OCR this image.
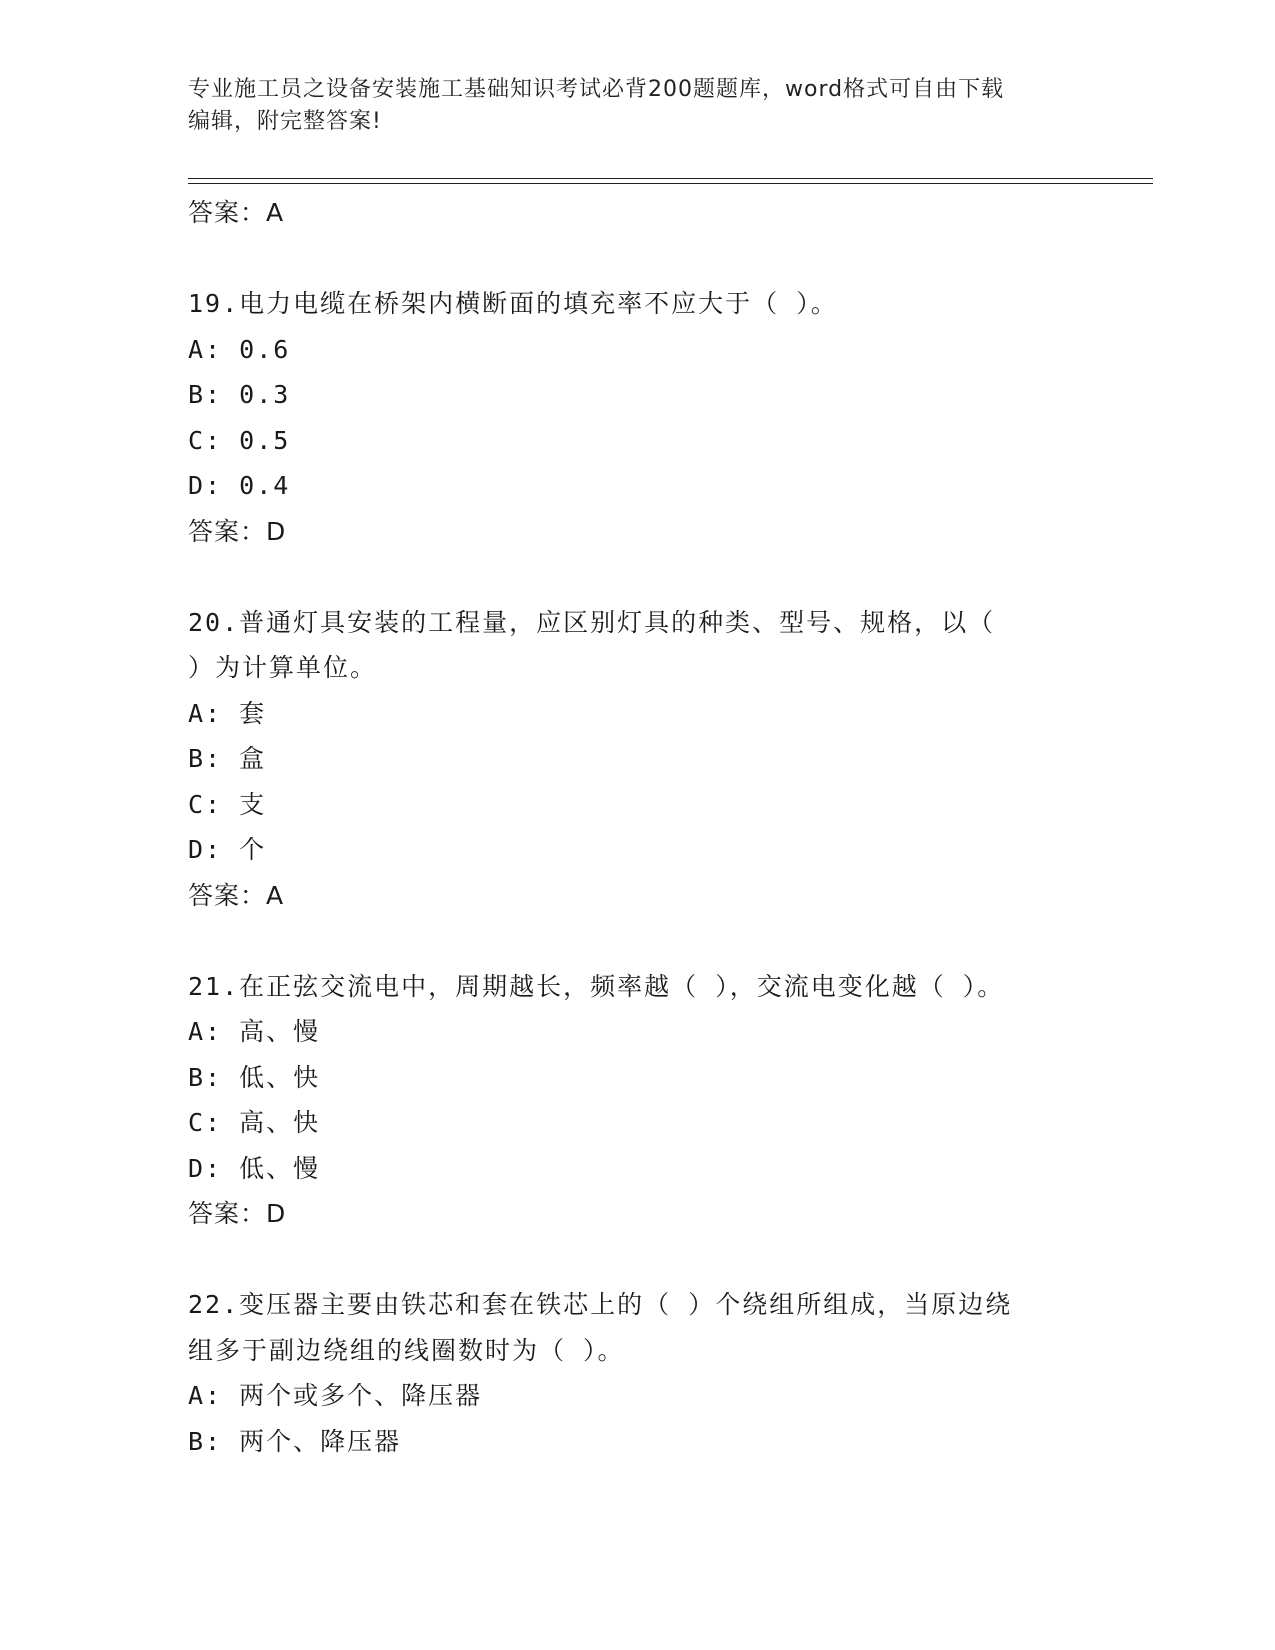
专业施工员之设备安装施工基础知识考试必背200题题库，word格式可自由下载
编辑，附完整答案!
答案：A
19.电力电缆在桥架内横断面的填充率不应大于（ ）。
A: 0.6
B: 0.3
C: 0.5
D: 0.4
答案：D
20.普通灯具安装的工程量，应区别灯具的种类、型号、规格，以（
）为计算单位。
A: 套
B: 盒
C: 支
D: 个
答案：A
21.在正弦交流电中，周期越长，频率越（ ），交流电变化越（ ）。
A: 高、慢
B: 低、快
C: 高、快
D: 低、慢
答案：D
22.变压器主要由铁芯和套在铁芯上的（ ）个绕组所组成，当原边绕
组多于副边绕组的线圈数时为（ ）。
A: 两个或多个、降压器
B: 两个、降压器
